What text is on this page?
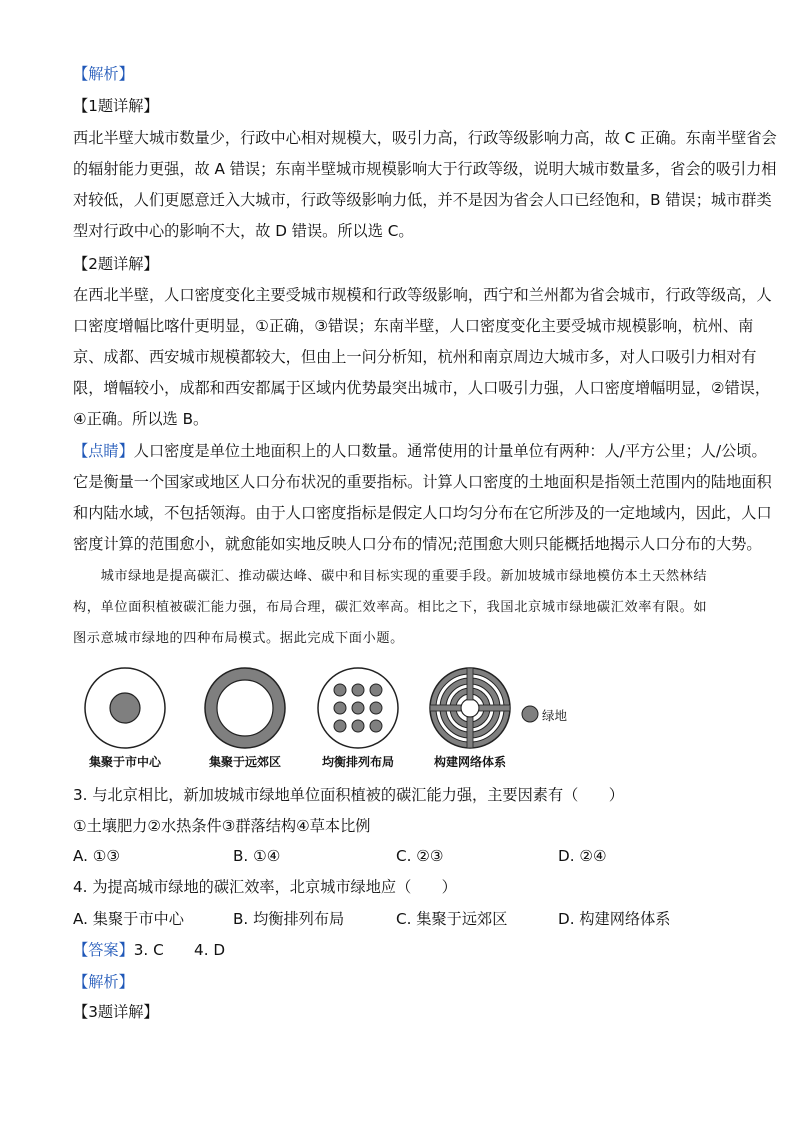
【解析】
【1题详解】
西北半壁大城市数量少，行政中心相对规模大，吸引力高，行政等级影响力高，故 C 正确。东南半壁省会
的辐射能力更强，故 A 错误；东南半壁城市规模影响大于行政等级，说明大城市数量多，省会的吸引力相
对较低，人们更愿意迁入大城市，行政等级影响力低，并不是因为省会人口已经饱和，B 错误；城市群类
型对行政中心的影响不大，故 D 错误。所以选 C。
【2题详解】
在西北半壁，人口密度变化主要受城市规模和行政等级影响，西宁和兰州都为省会城市，行政等级高，人
口密度增幅比喀什更明显，①正确，③错误；东南半壁，人口密度变化主要受城市规模影响，杭州、南
京、成都、西安城市规模都较大，但由上一问分析知，杭州和南京周边大城市多，对人口吸引力相对有
限，增幅较小，成都和西安都属于区域内优势最突出城市，人口吸引力强，人口密度增幅明显，②错误，
④正确。所以选 B。
【点睛】人口密度是单位土地面积上的人口数量。通常使用的计量单位有两种：人/平方公里；人/公顷。
它是衡量一个国家或地区人口分布状况的重要指标。计算人口密度的土地面积是指领土范围内的陆地面积
和内陆水域，不包括领海。由于人口密度指标是假定人口均匀分布在它所涉及的一定地域内，因此，人口
密度计算的范围愈小，就愈能如实地反映人口分布的情况;范围愈大则只能概括地揭示人口分布的大势。
　　城市绿地是提高碳汇、推动碳达峰、碳中和目标实现的重要手段。新加坡城市绿地模仿本土天然林结
构，单位面积植被碳汇能力强，布局合理，碳汇效率高。相比之下，我国北京城市绿地碳汇效率有限。如
图示意城市绿地的四种布局模式。据此完成下面小题。
集聚于市中心	集聚于远郊区	均衡排列布局	构建网络体系
绿地
3. 与北京相比，新加坡城市绿地单位面积植被的碳汇能力强，主要因素有（　　）
①土壤肥力②水热条件③群落结构④草本比例
A. ①③	B. ①④	C. ②③	D. ②④
4. 为提高城市绿地的碳汇效率，北京城市绿地应（　　）
A. 集聚于市中心	B. 均衡排列布局	C. 集聚于远郊区	D. 构建网络体系
【答案】3. C　　4. D
【解析】
【3题详解】
